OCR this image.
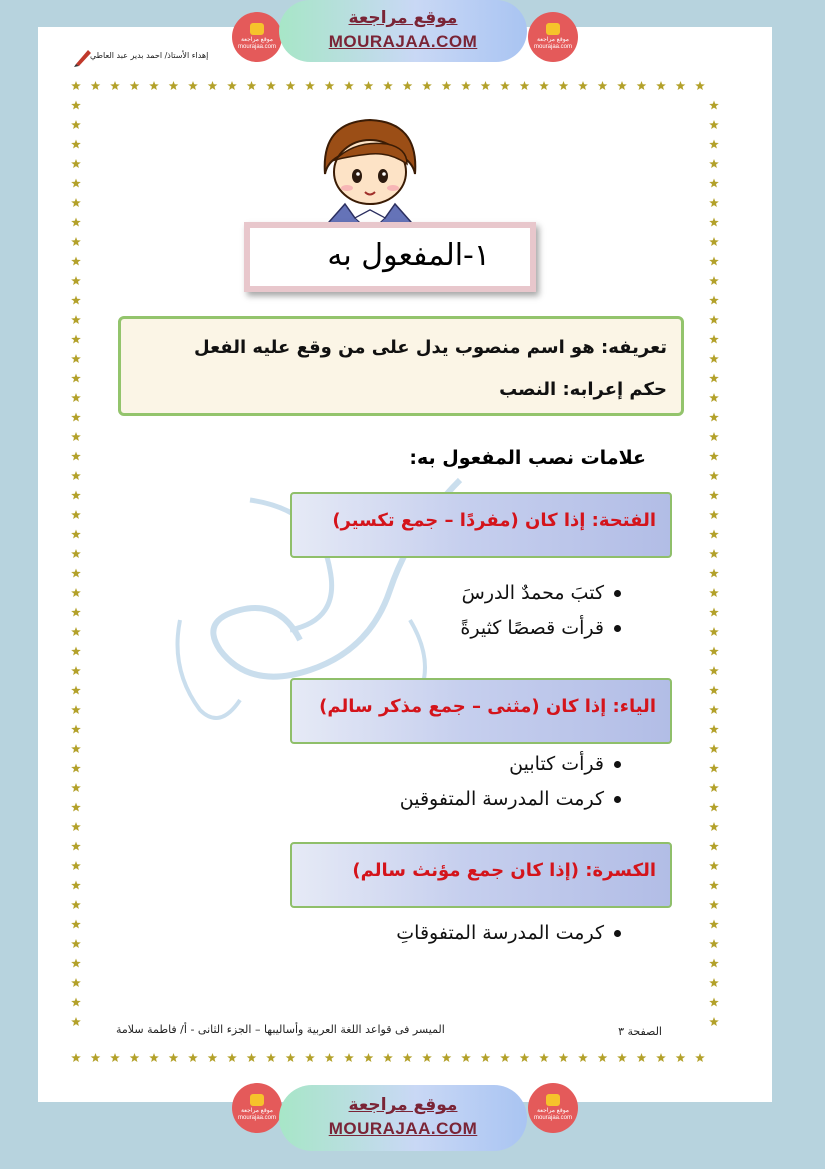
موقع مراجعة
mourajaa.com
موقع مراجعة
MOURAJAA.COM	موقع مراجعة
mourajaa.com
إهداء الأستاذ/ احمد بدير عبد العاطي
١-المفعول به
تعريفه: هو اسم منصوب يدل على من وقع عليه الفعل
حكم إعرابه: النصب
علامات نصب المفعول به:
الفتحة: إذا كان (مفردًا – جمع تكسير)
كتبَ محمدٌ الدرسَ
قرأت قصصًا كثيرةً
الياء: إذا كان (مثنى – جمع مذكر سالم)
قرأت كتابين
كرمت المدرسة المتفوقين
الكسرة: (إذا كان جمع مؤنث سالم)
كرمت المدرسة المتفوقاتِ
الميسر فى قواعد اللغة العربية وأساليبها – الجزء الثانى - أ/ فاطمة سلامة	الصفحة ٣
موقع مراجعة
mourajaa.com
موقع مراجعة
MOURAJAA.COM
موقع مراجعة
mourajaa.com
